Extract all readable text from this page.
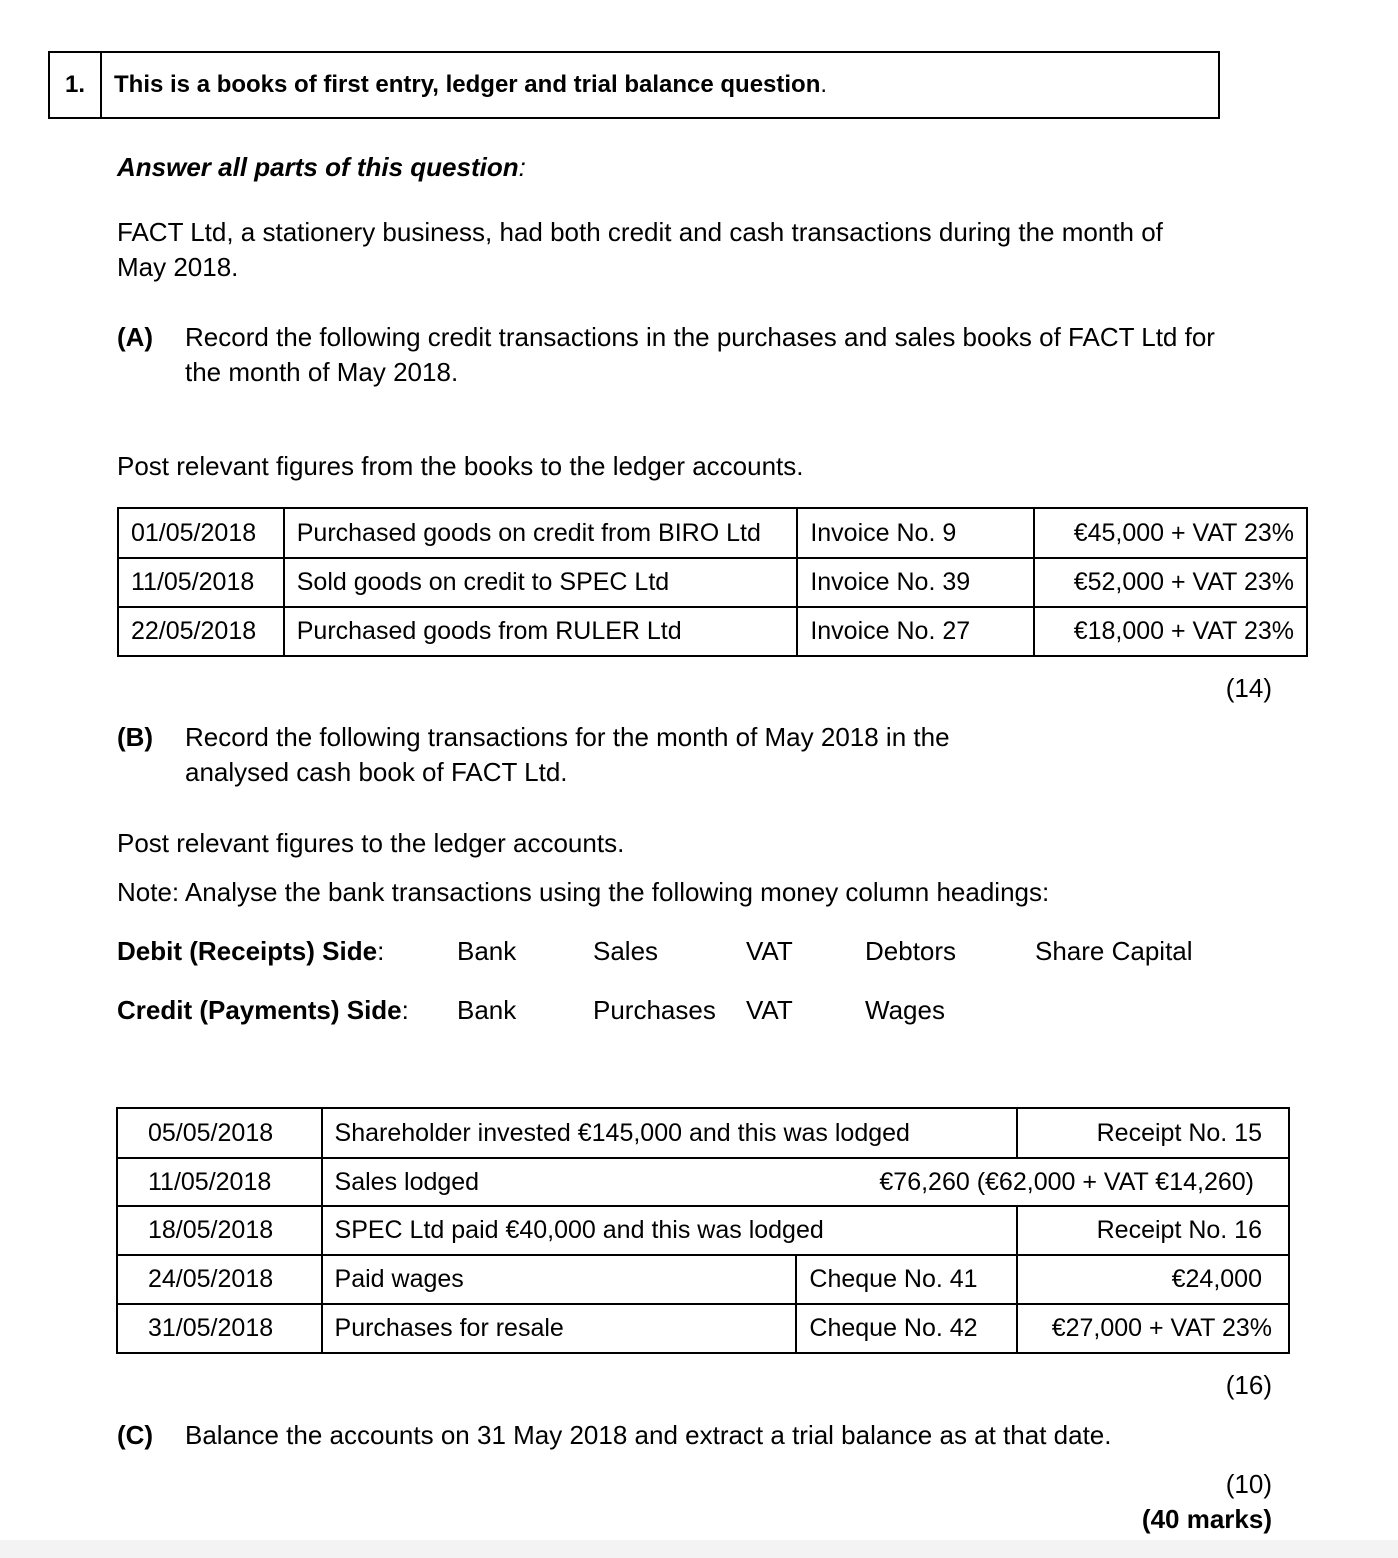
1.	This is a books of first entry, ledger and trial balance question .
Answer all parts of this question:
FACT Ltd, a stationery business, had both credit and cash transactions during the month of
May 2018.
(A) Record the following credit transactions in the purchases and sales books of FACT Ltd for
the month of May 2018.
Post relevant figures from the books to the ledger accounts.
01/05/2018	Purchased goods on credit from BIRO Ltd	Invoice No. 9	€45,000 + VAT 23%
11/05/2018	Sold goods on credit to SPEC Ltd	Invoice No. 39	€52,000 + VAT 23%
22/05/2018	Purchased goods from RULER Ltd	Invoice No. 27	€18,000 + VAT 23%
(14)
(B) Record the following transactions for the month of May 2018 in the
analysed cash book of FACT Ltd.
Post relevant figures to the ledger accounts.
Note: Analyse the bank transactions using the following money column headings:
Debit (Receipts) Side:	Bank	Sales	VAT	Debtors	Share Capital
Credit (Payments) Side: Bank	Purchases VAT	Wages
05/05/2018	Shareholder invested €145,000 and this was lodged		Receipt No. 15
11/05/2018	Sales lodged	€76,260 (€62,000 + VAT €14,260)	
18/05/2018	SPEC Ltd paid €40,000 and this was lodged		Receipt No. 16
24/05/2018	Paid wages	Cheque No. 41	€24,000
31/05/2018	Purchases for resale	Cheque No. 42	€27,000 + VAT 23%
(16)
(C) Balance the accounts on 31 May 2018 and extract a trial balance as at that date.
(10)
(40 marks)
